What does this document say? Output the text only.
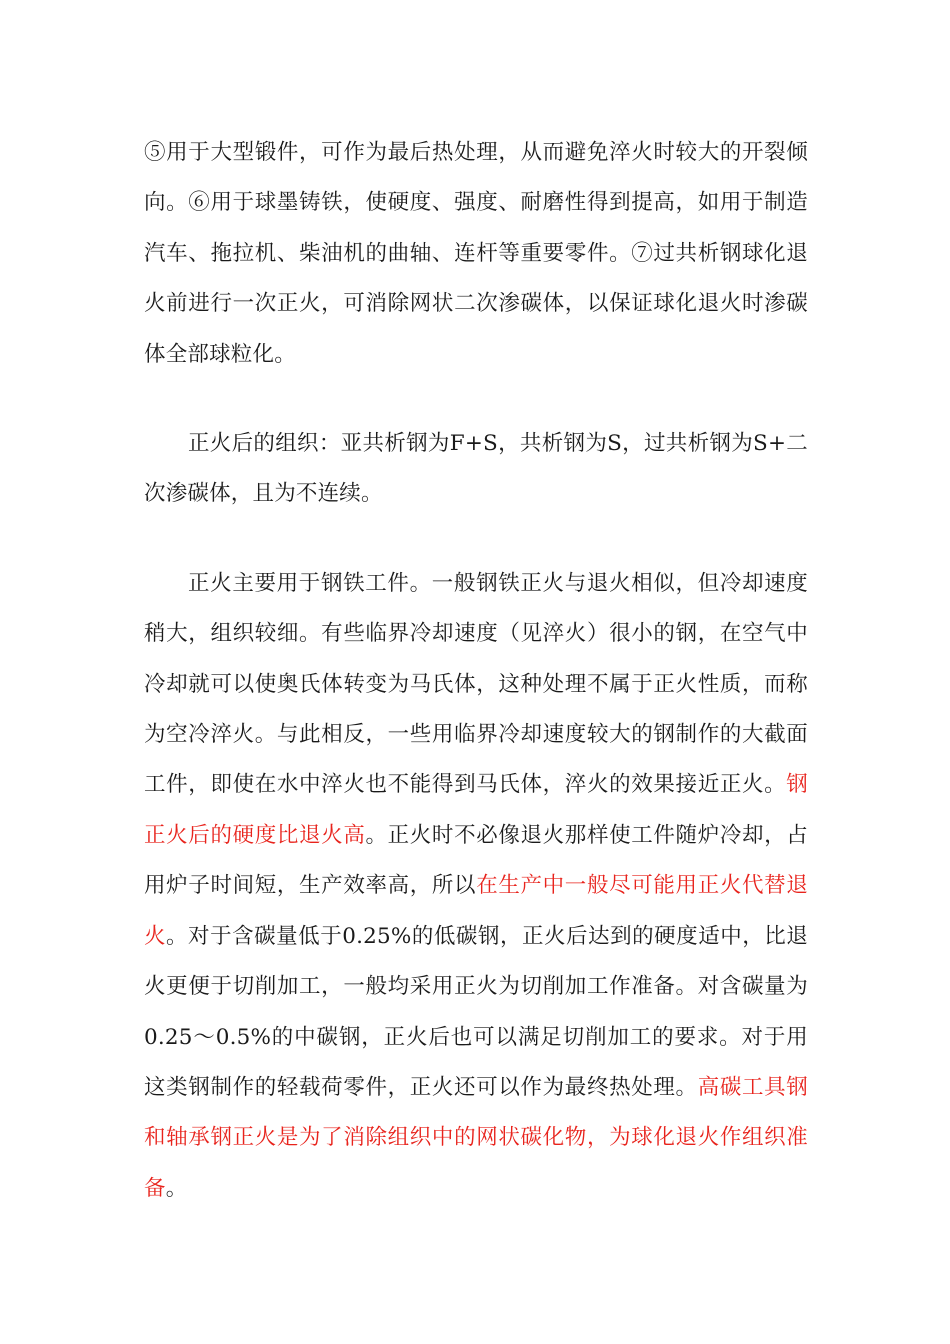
⑤用于大型锻件，可作为最后热处理，从而避免淬火时较大的开裂倾向。⑥用于球墨铸铁，使硬度、强度、耐磨性得到提高，如用于制造汽车、拖拉机、柴油机的曲轴、连杆等重要零件。⑦过共析钢球化退火前进行一次正火，可消除网状二次渗碳体，以保证球化退火时渗碳体全部球粒化。

正火后的组织：亚共析钢为F+S，共析钢为S，过共析钢为S+二次渗碳体，且为不连续。

正火主要用于钢铁工件。一般钢铁正火与退火相似，但冷却速度稍大，组织较细。有些临界冷却速度（见淬火）很小的钢，在空气中冷却就可以使奥氏体转变为马氏体，这种处理不属于正火性质，而称为空冷淬火。与此相反，一些用临界冷却速度较大的钢制作的大截面工件，即使在水中淬火也不能得到马氏体，淬火的效果接近正火。钢正火后的硬度比退火高。正火时不必像退火那样使工件随炉冷却，占用炉子时间短，生产效率高，所以在生产中一般尽可能用正火代替退火。对于含碳量低于0.25%的低碳钢，正火后达到的硬度适中，比退火更便于切削加工，一般均采用正火为切削加工作准备。对含碳量为0.25～0.5%的中碳钢，正火后也可以满足切削加工的要求。对于用这类钢制作的轻载荷零件，正火还可以作为最终热处理。高碳工具钢和轴承钢正火是为了消除组织中的网状碳化物，为球化退火作组织准备。
